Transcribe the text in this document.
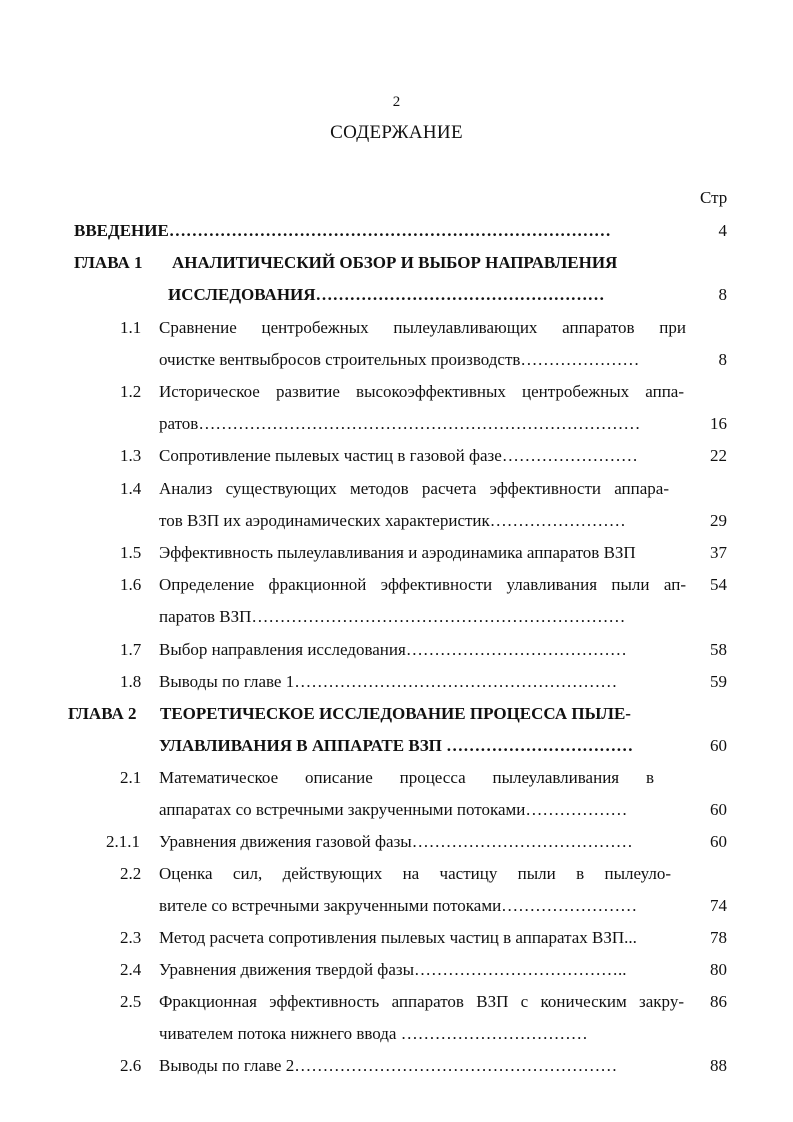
2
СОДЕРЖАНИЕ
Стр
ВВЕДЕНИЕ……………………………………………………………………	4
ГЛАВА 1 АНАЛИТИЧЕСКИЙ ОБЗОР И ВЫБОР НАПРАВЛЕНИЯ
ИССЛЕДОВАНИЯ……………………………………………	8
1.1 Сравнение центробежных пылеулавливающих аппаратов при
очистке вентвыбросов строительных производств…………………	8
1.2 Историческое развитие высокоэффективных центробежных аппа-
ратов……………………………………………………………………	16
1.3 Сопротивление пылевых частиц в газовой фазе……………………	22
1.4 Анализ существующих методов расчета эффективности аппара-
тов ВЗП их аэродинамических характеристик……………………	29
1.5 Эффективность пылеулавливания и аэродинамика аппаратов ВЗП	37
1.6 Определение фракционной эффективности улавливания пыли ап-	54
паратов ВЗП…………………………………………………………
1.7 Выбор направления исследования…………………………………	58
1.8 Выводы по главе 1…………………………………………………	59
ГЛАВА 2 ТЕОРЕТИЧЕСКОЕ ИССЛЕДОВАНИЕ ПРОЦЕССА ПЫЛЕ-
УЛАВЛИВАНИЯ В АППАРАТЕ ВЗП ……………………………	60
2.1 Математическое описание процесса пылеулавливания в
аппаратах со встречными закрученными потоками………………	60
2.1.1 Уравнения движения газовой фазы…………………………………	60
2.2 Оценка сил, действующих на частицу пыли в пылеуло-
вителе со встречными закрученными потоками……………………	74
2.3 Метод расчета сопротивления пылевых частиц в аппаратах ВЗП...	78
2.4 Уравнения движения твердой фазы………………………………..	80
2.5 Фракционная эффективность аппаратов ВЗП с коническим закру-	86
чивателем потока нижнего ввода ……………………………
2.6 Выводы по главе 2…………………………………………………	88
